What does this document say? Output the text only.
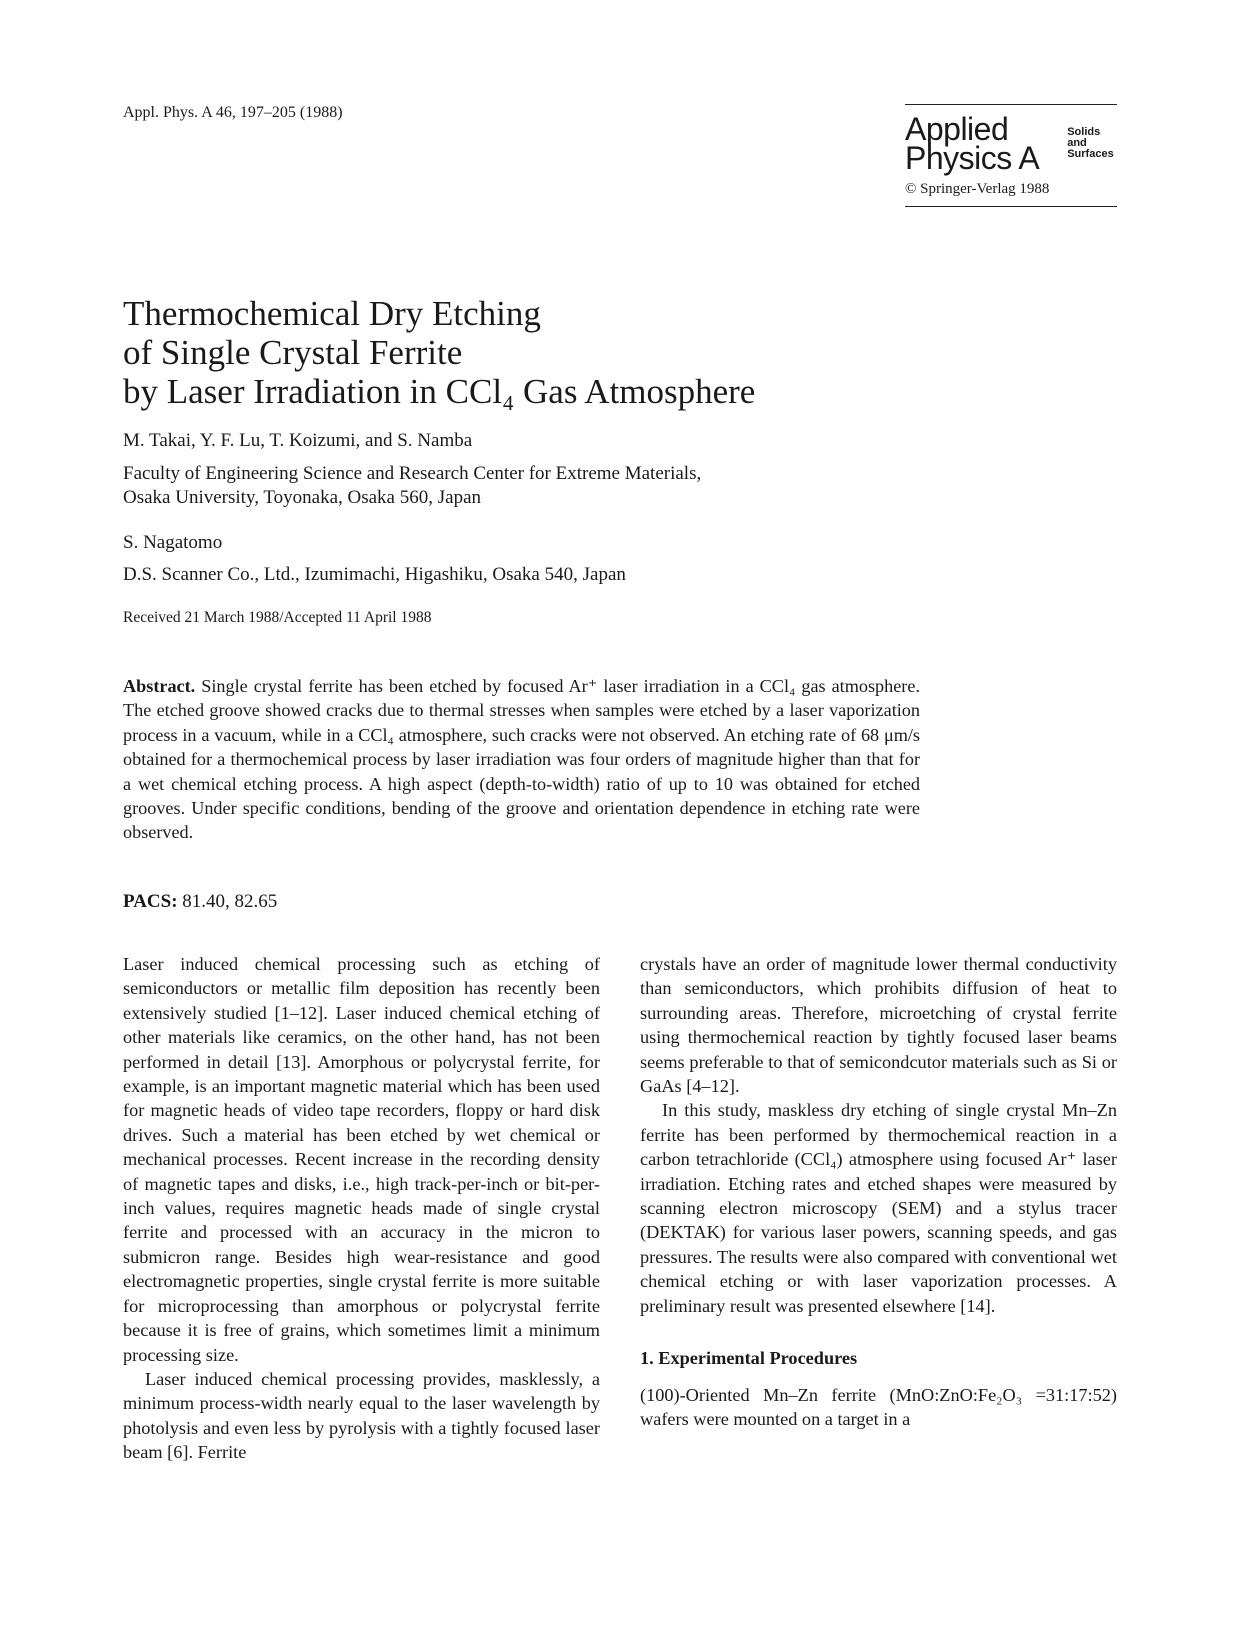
Appl. Phys. A 46, 197–205 (1988)	Applied
Physics A
Solids
and
Surfaces
© Springer-Verlag 1988
Thermochemical Dry Etching
of Single Crystal Ferrite
by Laser Irradiation in CCl₄ Gas Atmosphere
M. Takai, Y. F. Lu, T. Koizumi, and S. Namba
Faculty of Engineering Science and Research Center for Extreme Materials,
Osaka University, Toyonaka, Osaka 560, Japan
S. Nagatomo
D.S. Scanner Co., Ltd., Izumimachi, Higashiku, Osaka 540, Japan
Received 21 March 1988/Accepted 11 April 1988
Abstract. Single crystal ferrite has been etched by focused Ar⁺ laser irradiation in a CCl₄ gas atmosphere. The etched groove showed cracks due to thermal stresses when samples were etched by a laser vaporization process in a vacuum, while in a CCl₄ atmosphere, such cracks were not observed. An etching rate of 68 μm/s obtained for a thermochemical process by laser irradiation was four orders of magnitude higher than that for a wet chemical etching process. A high aspect (depth-to-width) ratio of up to 10 was obtained for etched grooves. Under specific conditions, bending of the groove and orientation dependence in etching rate were observed.
PACS: 81.40, 82.65

Laser induced chemical processing such as etching of semiconductors or metallic film deposition has recently been extensively studied [1–12]. Laser induced chemical etching of other materials like ceramics, on the other hand, has not been performed in detail [13]. Amorphous or polycrystal ferrite, for example, is an important magnetic material which has been used for magnetic heads of video tape recorders, floppy or hard disk drives. Such a material has been etched by wet chemical or mechanical processes. Recent increase in the recording density of magnetic tapes and disks, i.e., high track-per-inch or bit-per-inch values, requires magnetic heads made of single crystal ferrite and processed with an accuracy in the micron to submicron range. Besides high wear-resistance and good electromagnetic properties, single crystal ferrite is more suitable for microprocessing than amorphous or polycrystal ferrite because it is free of grains, which sometimes limit a minimum processing size.

Laser induced chemical processing provides, masklessly, a minimum process-width nearly equal to the laser wavelength by photolysis and even less by pyrolysis with a tightly focused laser beam [6]. Ferrite

crystals have an order of magnitude lower thermal conductivity than semiconductors, which prohibits diffusion of heat to surrounding areas. Therefore, microetching of crystal ferrite using thermochemical reaction by tightly focused laser beams seems preferable to that of semicondcutor materials such as Si or GaAs [4–12].

In this study, maskless dry etching of single crystal Mn–Zn ferrite has been performed by thermochemical reaction in a carbon tetrachloride (CCl₄) atmosphere using focused Ar⁺ laser irradiation. Etching rates and etched shapes were measured by scanning electron microscopy (SEM) and a stylus tracer (DEKTAK) for various laser powers, scanning speeds, and gas pressures. The results were also compared with conventional wet chemical etching or with laser vaporization processes. A preliminary result was presented elsewhere [14].

1. Experimental Procedures

(100)-Oriented Mn–Zn ferrite (MnO:ZnO:Fe₂O₃ =31:17:52) wafers were mounted on a target in a
